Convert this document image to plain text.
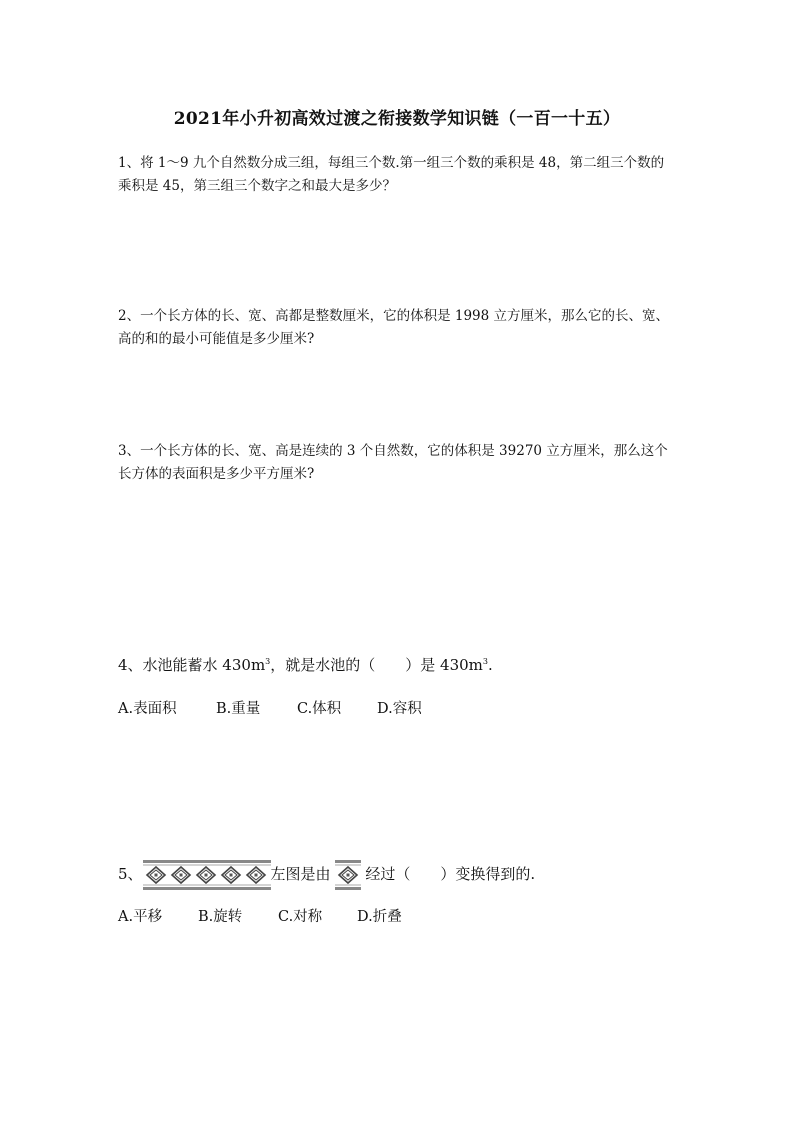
2021年小升初高效过渡之衔接数学知识链（一百一十五）
1、将 1～9 九个自然数分成三组，每组三个数.第一组三个数的乘积是 48，第二组三个数的
乘积是 45，第三组三个数字之和最大是多少？
2、一个长方体的长、宽、高都是整数厘米，它的体积是 1998 立方厘米，那么它的长、宽、
高的和的最小可能值是多少厘米?
3、一个长方体的长、宽、高是连续的 3 个自然数，它的体积是 39270 立方厘米，那么这个
长方体的表面积是多少平方厘米?
4、水池能蓄水 $430m^3$，就是水池的（　　）是 $430m^3$.
A.表面积	B.重量	C.体积 D.容积
5、	左图是由 经过（　　）变换得到的.
A.平移 B.旋转 C.对称 D.折叠
